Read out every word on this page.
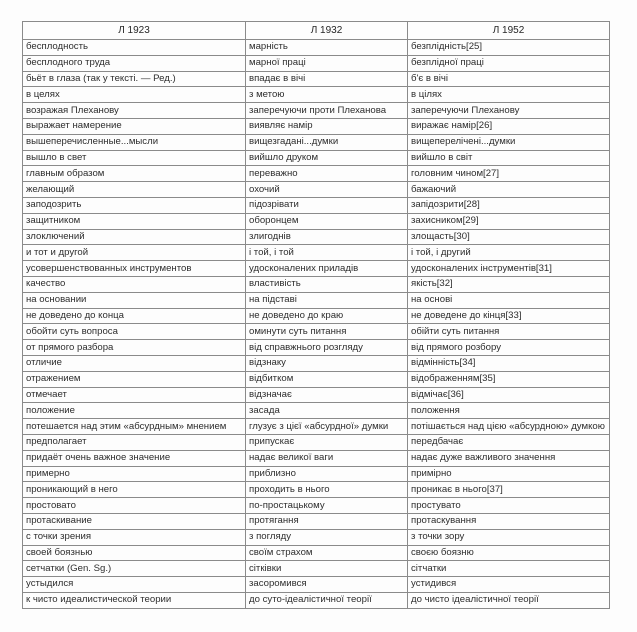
Л 1923	Л 1932	Л 1952
бесплодность	марність	безплідність[25]
бесплодного труда	марної праці	безплідної праці
бьёт в глаза (так у тексті. — Ред.)	впадає в вічі	б'є в вічі
в целях	з метою	в цілях
возражая Плеханову	заперечуючи проти Плеханова	заперечуючи Плеханову
выражает намерение	виявляє намір	виражає намір[26]
вышеперечисленные...мысли	вищезгадані...думки	вищеперелічені...думки
вышло в свет	вийшло друком	вийшло в світ
главным образом	переважно	головним чином[27]
желающий	охочий	бажаючий
заподозрить	підозрівати	запідозрити[28]
защитником	оборонцем	захисником[29]
злоключений	злигоднів	злощасть[30]
и тот и другой	і той, і той	і той, і другий
усовершенствованных инструментов	удосконалених приладів	удосконалених інструментів[31]
качество	властивість	якість[32]
на основании	на підставі	на основі
не доведено до конца	не доведено до краю	не доведене до кінця[33]
обойти суть вопроса	оминути суть питання	обійти суть питання
от прямого разбора	від справжнього розгляду	від прямого розбору
отличие	відзнаку	відмінність[34]
отражением	відбитком	відображенням[35]
отмечает	відзначає	відмічає[36]
положение	засада	положення
потешается над этим «абсурдным» мнением	глузує з цієї «абсурдної» думки	потішається над цією «абсурдною» думкою
предполагает	припускає	передбачає
придаёт очень важное значение	надає великої ваги	надає дуже важливого значення
примерно	приблизно	примірно
проникающий в него	проходить в нього	проникає в нього[37]
простовато	по-простацькому	простувато
протаскивание	протягання	протаскування
с точки зрения	з погляду	з точки зору
своей боязнью	своїм страхом	своєю боязню
сетчатки (Gen. Sg.)	сітківки	сітчатки
устыдился	засоромився	устидився
к чисто идеалистической теории	до суто-ідеалістичної теорії	до чисто ідеалістичної теорії
